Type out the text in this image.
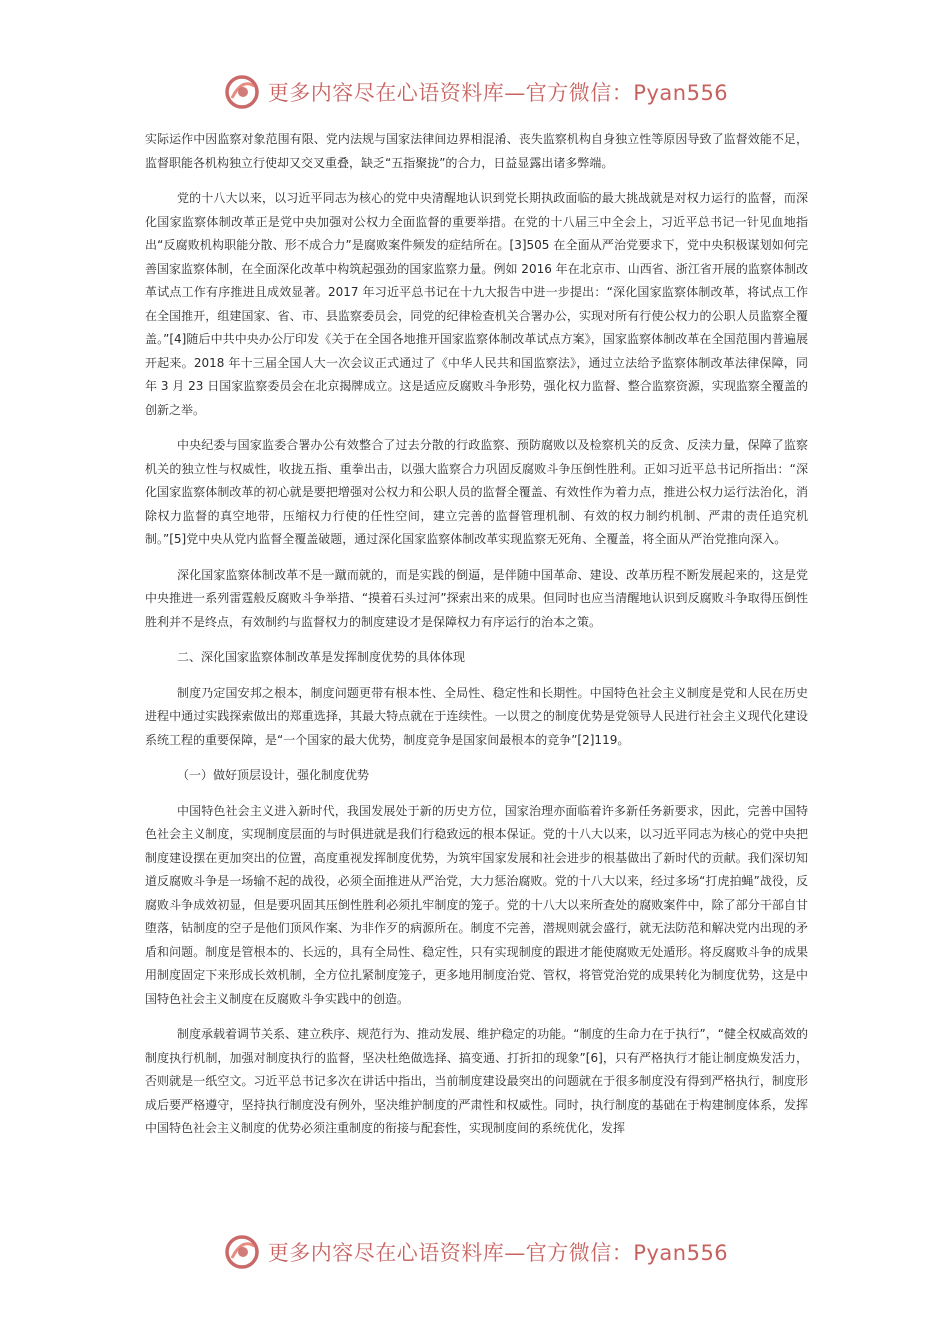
更多内容尽在心语资料库—官方微信：Pyan556

实际运作中因监察对象范围有限、党内法规与国家法律间边界相混淆、丧失监察机构自身独立性等原因导致了监督效能不足，监督职能各机构独立行使却又交叉重叠，缺乏“五指聚拢”的合力，日益显露出诸多弊端。

党的十八大以来，以习近平同志为核心的党中央清醒地认识到党长期执政面临的最大挑战就是对权力运行的监督，而深化国家监察体制改革正是党中央加强对公权力全面监督的重要举措。在党的十八届三中全会上，习近平总书记一针见血地指出“反腐败机构职能分散、形不成合力”是腐败案件频发的症结所在。[3]505 在全面从严治党要求下，党中央积极谋划如何完善国家监察体制，在全面深化改革中构筑起强劲的国家监察力量。例如 2016 年在北京市、山西省、浙江省开展的监察体制改革试点工作有序推进且成效显著。2017 年习近平总书记在十九大报告中进一步提出：“深化国家监察体制改革，将试点工作在全国推开，组建国家、省、市、县监察委员会，同党的纪律检查机关合署办公，实现对所有行使公权力的公职人员监察全覆盖。”[4]随后中共中央办公厅印发《关于在全国各地推开国家监察体制改革试点方案》，国家监察体制改革在全国范围内普遍展开起来。2018 年十三届全国人大一次会议正式通过了《中华人民共和国监察法》，通过立法给予监察体制改革法律保障，同年 3 月 23 日国家监察委员会在北京揭牌成立。这是适应反腐败斗争形势，强化权力监督、整合监察资源，实现监察全覆盖的创新之举。

中央纪委与国家监委合署办公有效整合了过去分散的行政监察、预防腐败以及检察机关的反贪、反渎力量，保障了监察机关的独立性与权威性，收拢五指、重拳出击，以强大监察合力巩固反腐败斗争压倒性胜利。正如习近平总书记所指出：“深化国家监察体制改革的初心就是要把增强对公权力和公职人员的监督全覆盖、有效性作为着力点，推进公权力运行法治化，消除权力监督的真空地带，压缩权力行使的任性空间，建立完善的监督管理机制、有效的权力制约机制、严肃的责任追究机制。”[5]党中央从党内监督全覆盖破题，通过深化国家监察体制改革实现监察无死角、全覆盖，将全面从严治党推向深入。

深化国家监察体制改革不是一蹴而就的，而是实践的倒逼，是伴随中国革命、建设、改革历程不断发展起来的，这是党中央推进一系列雷霆般反腐败斗争举措、“摸着石头过河”探索出来的成果。但同时也应当清醒地认识到反腐败斗争取得压倒性胜利并不是终点，有效制约与监督权力的制度建设才是保障权力有序运行的治本之策。

二、深化国家监察体制改革是发挥制度优势的具体体现

制度乃定国安邦之根本，制度问题更带有根本性、全局性、稳定性和长期性。中国特色社会主义制度是党和人民在历史进程中通过实践探索做出的郑重选择，其最大特点就在于连续性。一以贯之的制度优势是党领导人民进行社会主义现代化建设系统工程的重要保障，是“一个国家的最大优势，制度竞争是国家间最根本的竞争”[2]119。

（一）做好顶层设计，强化制度优势

中国特色社会主义进入新时代，我国发展处于新的历史方位，国家治理亦面临着许多新任务新要求，因此，完善中国特色社会主义制度，实现制度层面的与时俱进就是我们行稳致远的根本保证。党的十八大以来，以习近平同志为核心的党中央把制度建设摆在更加突出的位置，高度重视发挥制度优势，为筑牢国家发展和社会进步的根基做出了新时代的贡献。我们深切知道反腐败斗争是一场输不起的战役，必须全面推进从严治党，大力惩治腐败。党的十八大以来，经过多场“打虎拍蝇”战役，反腐败斗争成效初显，但是要巩固其压倒性胜利必须扎牢制度的笼子。党的十八大以来所查处的腐败案件中，除了部分干部自甘堕落，钻制度的空子是他们顶风作案、为非作歹的病源所在。制度不完善，潜规则就会盛行，就无法防范和解决党内出现的矛盾和问题。制度是管根本的、长远的，具有全局性、稳定性，只有实现制度的跟进才能使腐败无处遁形。将反腐败斗争的成果用制度固定下来形成长效机制，全方位扎紧制度笼子，更多地用制度治党、管权，将管党治党的成果转化为制度优势，这是中国特色社会主义制度在反腐败斗争实践中的创造。

制度承载着调节关系、建立秩序、规范行为、推动发展、维护稳定的功能。“制度的生命力在于执行”，“健全权威高效的制度执行机制，加强对制度执行的监督，坚决杜绝做选择、搞变通、打折扣的现象”[6]，只有严格执行才能让制度焕发活力，否则就是一纸空文。习近平总书记多次在讲话中指出，当前制度建设最突出的问题就在于很多制度没有得到严格执行，制度形成后要严格遵守，坚持执行制度没有例外，坚决维护制度的严肃性和权威性。同时，执行制度的基础在于构建制度体系，发挥中国特色社会主义制度的优势必须注重制度的衔接与配套性，实现制度间的系统优化，发挥

更多内容尽在心语资料库—官方微信：Pyan556
